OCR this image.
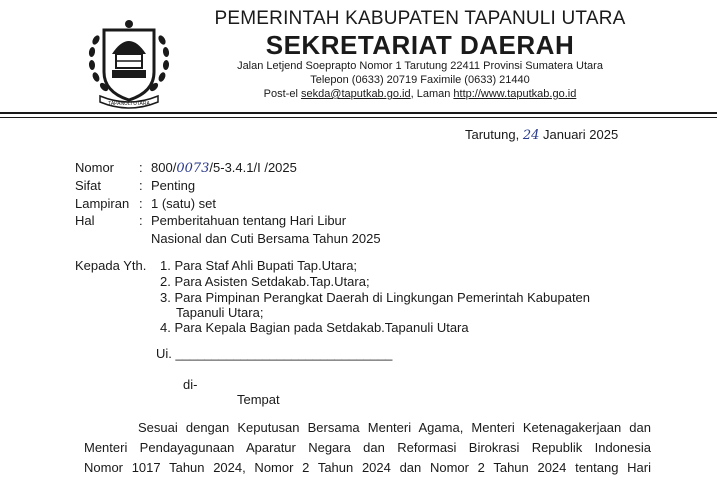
TAPANULI UTARA
PEMERINTAH KABUPATEN TAPANULI UTARA
SEKRETARIAT DAERAH
Jalan Letjend Soeprapto Nomor 1 Tarutung 22411 Provinsi Sumatera Utara
Telepon (0633) 20719 Faximile (0633) 21440
Post-el sekda@taputkab.go.id, Laman http://www.taputkab.go.id
Tarutung, 24 Januari 2025
Nomor : 800/0073/5-3.4.1/I /2025
Sifat	: Penting
Lampiran : 1 (satu) set
Hal	: Pemberitahuan tentang Hari Libur
Nasional dan Cuti Bersama Tahun 2025
Kepada Yth. 1. Para Staf Ahli Bupati Tap.Utara;
2. Para Asisten Setdakab.Tap.Utara;
3. Para Pimpinan Perangkat Daerah di Lingkungan Pemerintah Kabupaten
Tapanuli Utara;
4. Para Kepala Bagian pada Setdakab.Tapanuli Utara
Ui. ______________________________
di-
Tempat
Sesuai dengan Keputusan Bersama Menteri Agama, Menteri Ketenagakerjaan dan
Menteri Pendayagunaan Aparatur Negara dan Reformasi Birokrasi Republik Indonesia
Nomor 1017 Tahun 2024, Nomor 2 Tahun 2024 dan Nomor 2 Tahun 2024 tentang Hari
